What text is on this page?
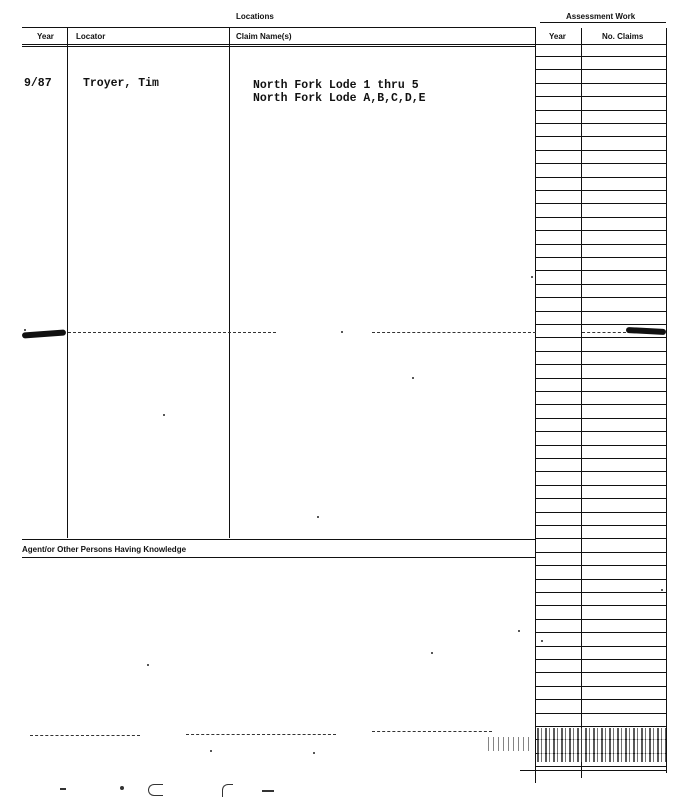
Locations	Assessment Work
Year	Locator	Claim Name(s)	Year	No. Claims
9/87	Troyer, Tim	North Fork Lode 1 thru 5
North Fork Lode A,B,C,D,E
Agent/or Other Persons Having Knowledge
